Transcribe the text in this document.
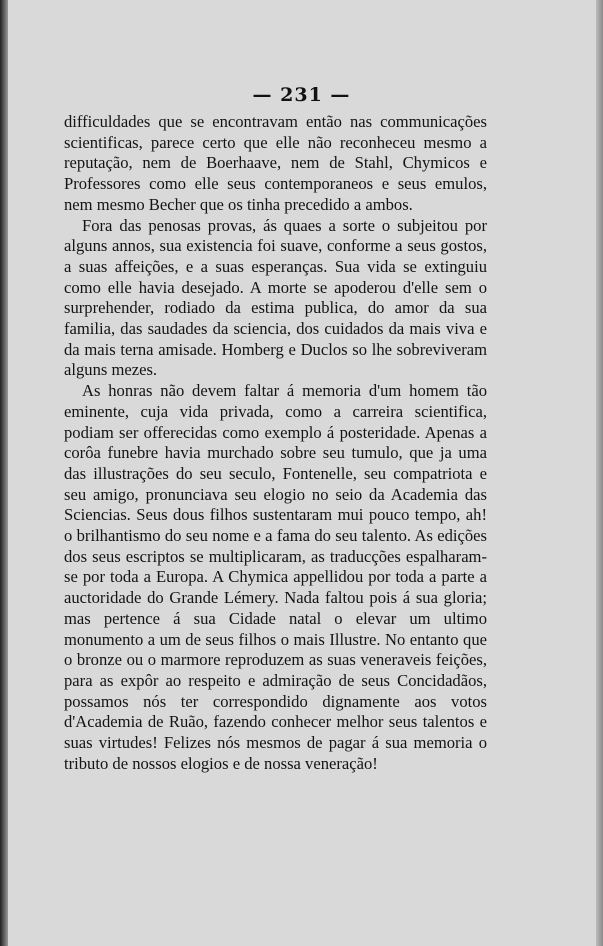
— 231 —

difficuldades que se encontravam então nas communicações scientificas, parece certo que elle não reconheceu mesmo a reputação, nem de Boerhaave, nem de Stahl, Chymicos e Professores como elle seus contemporaneos e seus emulos, nem mesmo Becher que os tinha precedido a ambos.

Fora das penosas provas, ás quaes a sorte o subjeitou por alguns annos, sua existencia foi suave, conforme a seus gostos, a suas affeições, e a suas esperanças. Sua vida se extinguiu como elle havia desejado. A morte se apoderou d'elle sem o surprehender, rodiado da estima publica, do amor da sua familia, das saudades da sciencia, dos cuidados da mais viva e da mais terna amisade. Homberg e Duclos so lhe sobreviveram alguns mezes.

As honras não devem faltar á memoria d'um homem tão eminente, cuja vida privada, como a carreira scientifica, podiam ser offerecidas como exemplo á posteridade. Apenas a corôa funebre havia murchado sobre seu tumulo, que ja uma das illustrações do seu seculo, Fontenelle, seu compatriota e seu amigo, pronunciava seu elogio no seio da Academia das Sciencias. Seus dous filhos sustentaram mui pouco tempo, ah! o brilhantismo do seu nome e a fama do seu talento. As edições dos seus escriptos se multiplicaram, as traducções espalharam-se por toda a Europa. A Chymica appellidou por toda a parte a auctoridade do Grande Lémery. Nada faltou pois á sua gloria; mas pertence á sua Cidade natal o elevar um ultimo monumento a um de seus filhos o mais Illustre. No entanto que o bronze ou o marmore reproduzem as suas veneraveis feições, para as expôr ao respeito e admiração de seus Concidadãos, possamos nós ter correspondido dignamente aos votos d'Academia de Ruão, fazendo conhecer melhor seus talentos e suas virtudes! Felizes nós mesmos de pagar á sua memoria o tributo de nossos elogios e de nossa veneração!
